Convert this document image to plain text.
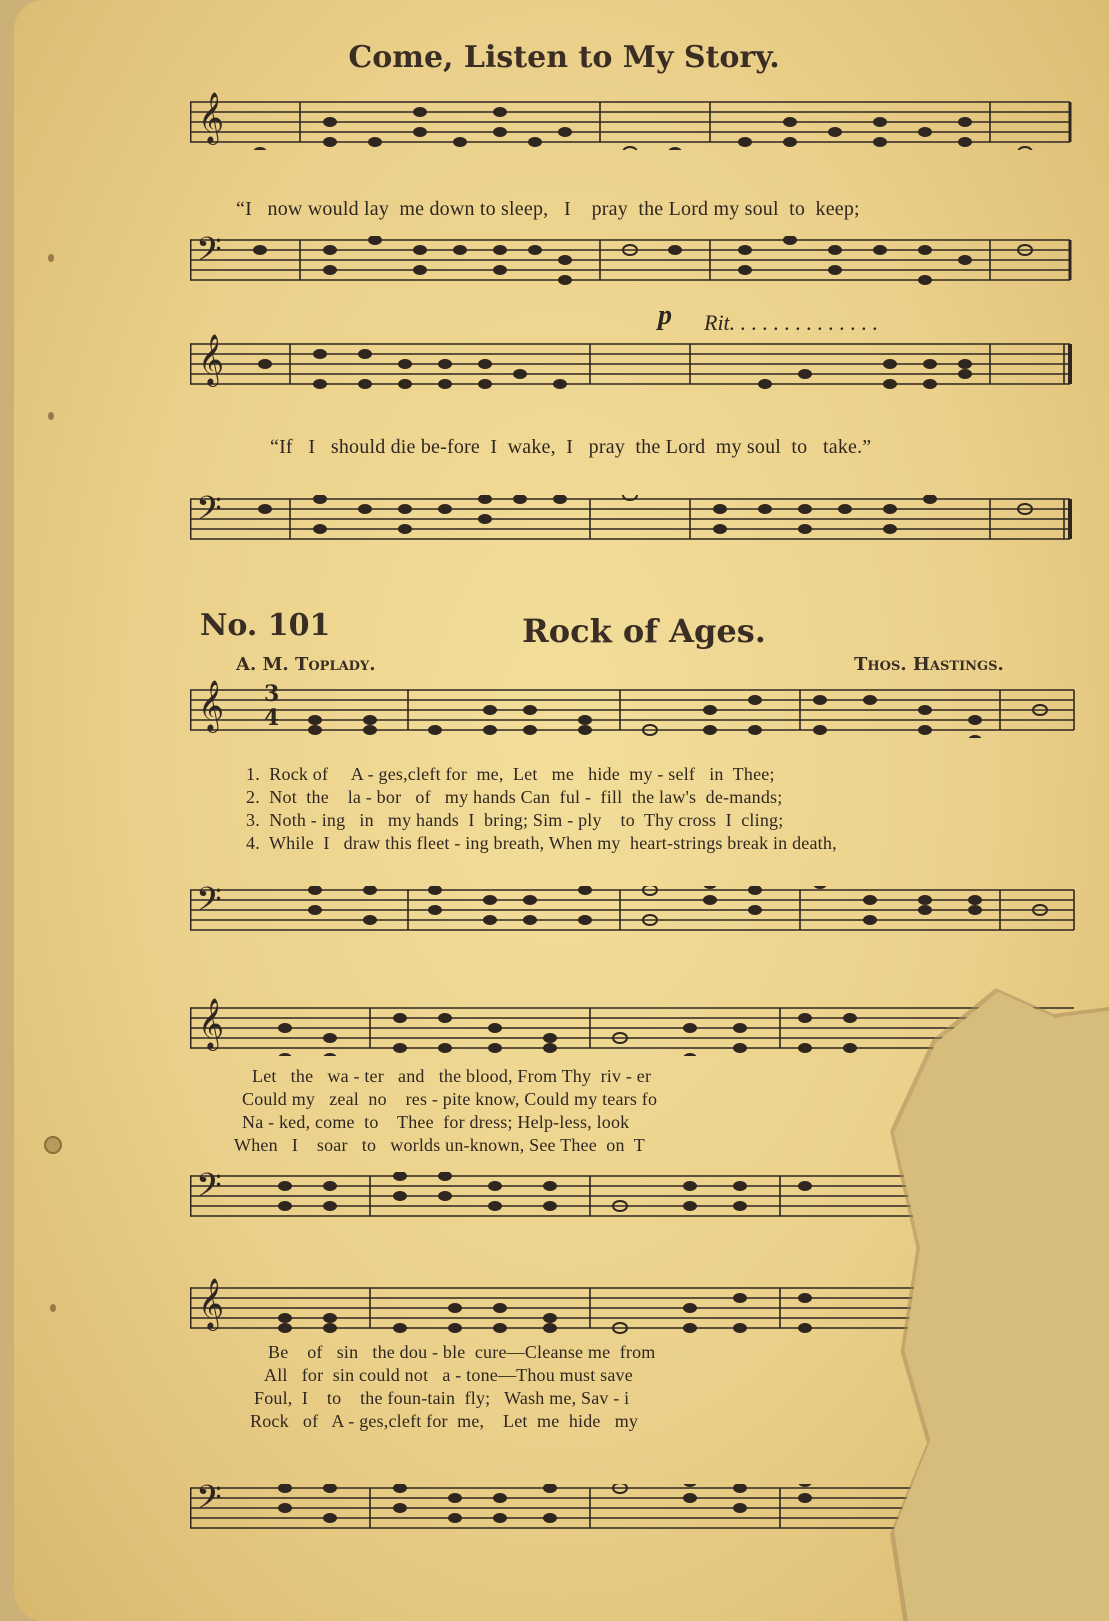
Come, Listen to My Story.
𝄞
“I   now would lay  me down to sleep,   I    pray  the Lord my soul  to  keep;
𝄢
p Rit. . . . . . . . . . . . . .
𝄞
“If   I   should die be-fore  I  wake,  I   pray  the Lord  my soul  to   take.”
𝄢
No. 101	Rock of Ages.
A. M. Toplady.	Thos. Hastings.
𝄞 3
4
1.  Rock of     A - ges,cleft for  me,  Let   me   hide  my - self   in  Thee;
2.  Not  the    la - bor   of   my hands Can  ful -  fill  the law's  de-mands;
3.  Noth - ing   in   my hands  I  bring; Sim - ply    to  Thy cross  I  cling;
4.  While  I   draw this fleet - ing breath, When my  heart-strings break in death,
𝄢
𝄞
Let   the   wa - ter   and   the blood, From Thy  riv - er
Could my   zeal  no    res - pite know, Could my tears fo
Na - ked, come  to    Thee  for dress; Help-less, look
When   I    soar   to   worlds un-known, See Thee  on  T
𝄢
𝄞
Be    of   sin   the dou - ble  cure—Cleanse me  from
All   for  sin could not   a - tone—Thou must save
Foul,  I    to    the foun-tain  fly;   Wash me, Sav - i
Rock   of   A - ges,cleft for  me,    Let  me  hide   my
𝄢
